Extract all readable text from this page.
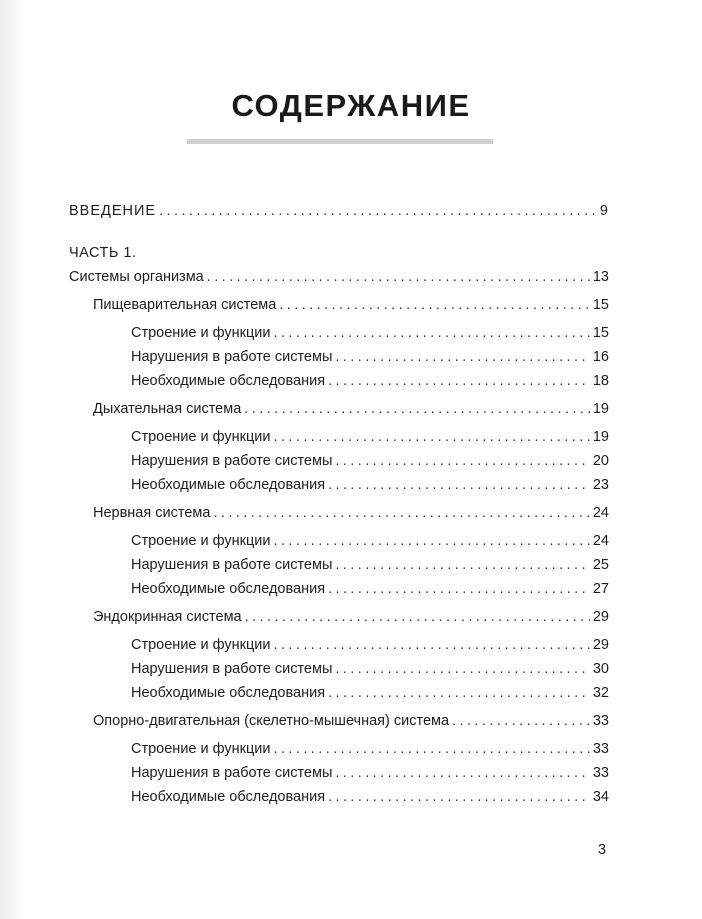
СОДЕРЖАНИЕ
ВВЕДЕНИЕ . . .	9
ЧАСТЬ 1.
Системы организма . . .	13
Пищеварительная система . . .	15
Строение и функции . . .	15
Нарушения в работе системы . . .	16
Необходимые обследования . . .	18
Дыхательная система . . .	19
Строение и функции . . .	19
Нарушения в работе системы . . .	20
Необходимые обследования . . .	23
Нервная система . . .	24
Строение и функции . . .	24
Нарушения в работе системы . . .	25
Необходимые обследования . . .	27
Эндокринная система . . .	29
Строение и функции . . .	29
Нарушения в работе системы . . .	30
Необходимые обследования . . .	32
Опорно-двигательная (скелетно-мышечная) система . . .	33
Строение и функции . . .	33
Нарушения в работе системы . . .	33
Необходимые обследования . . .	34
3
